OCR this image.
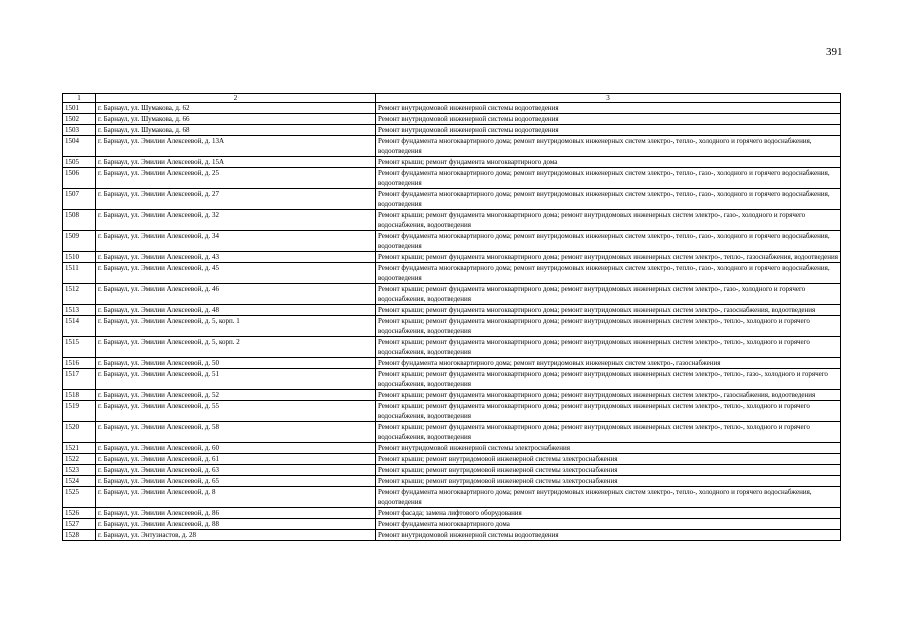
391
1	2	3
1501	г. Барнаул, ул. Шумакова, д. 62	Ремонт внутридомовой инженерной системы водоотведения
1502	г. Барнаул, ул. Шумакова, д. 66	Ремонт внутридомовой инженерной системы водоотведения
1503	г. Барнаул, ул. Шумакова, д. 68	Ремонт внутридомовой инженерной системы водоотведения
1504	г. Барнаул, ул. Эмилии Алексеевой, д. 13А	Ремонт фундамента многоквартирного дома; ремонт внутридомовых инженерных систем электро-, тепло-, холодного и горячего водоснабжения, водоотведения
1505	г. Барнаул, ул. Эмилии Алексеевой, д. 15А	Ремонт крыши; ремонт фундамента многоквартирного дома
1506	г. Барнаул, ул. Эмилии Алексеевой, д. 25	Ремонт фундамента многоквартирного дома; ремонт внутридомовых инженерных систем электро-, тепло-, газо-, холодного и горячего водоснабжения, водоотведения
1507	г. Барнаул, ул. Эмилии Алексеевой, д. 27	Ремонт фундамента многоквартирного дома; ремонт внутридомовых инженерных систем электро-, тепло-, газо-, холодного и горячего водоснабжения, водоотведения
1508	г. Барнаул, ул. Эмилии Алексеевой, д. 32	Ремонт крыши; ремонт фундамента многоквартирного дома; ремонт внутридомовых инженерных систем электро-, газо-, холодного и горячего водоснабжения, водоотведения
1509	г. Барнаул, ул. Эмилии Алексеевой, д. 34	Ремонт фундамента многоквартирного дома; ремонт внутридомовых инженерных систем электро-, тепло-, газо-, холодного и горячего водоснабжения, водоотведения
1510	г. Барнаул, ул. Эмилии Алексеевой, д. 43	Ремонт крыши; ремонт фундамента многоквартирного дома; ремонт внутридомовых инженерных систем электро-, тепло-, газоснабжения, водоотведения
1511	г. Барнаул, ул. Эмилии Алексеевой, д. 45	Ремонт фундамента многоквартирного дома; ремонт внутридомовых инженерных систем электро-, тепло-, газо-, холодного и горячего водоснабжения, водоотведения
1512	г. Барнаул, ул. Эмилии Алексеевой, д. 46	Ремонт крыши; ремонт фундамента многоквартирного дома; ремонт внутридомовых инженерных систем электро-, газо-, холодного и горячего водоснабжения, водоотведения
1513	г. Барнаул, ул. Эмилии Алексеевой, д. 48	Ремонт крыши; ремонт фундамента многоквартирного дома; ремонт внутридомовых инженерных систем электро-, газоснабжения, водоотведения
1514	г. Барнаул, ул. Эмилии Алексеевой, д. 5, корп. 1	Ремонт крыши; ремонт фундамента многоквартирного дома; ремонт внутридомовых инженерных систем электро-, тепло-, холодного и горячего водоснабжения, водоотведения
1515	г. Барнаул, ул. Эмилии Алексеевой, д. 5, корп. 2	Ремонт крыши; ремонт фундамента многоквартирного дома; ремонт внутридомовых инженерных систем электро-, тепло-, холодного и горячего водоснабжения, водоотведения
1516	г. Барнаул, ул. Эмилии Алексеевой, д. 50	Ремонт фундамента многоквартирного дома; ремонт внутридомовых инженерных систем электро-, газоснабжения
1517	г. Барнаул, ул. Эмилии Алексеевой, д. 51	Ремонт крыши; ремонт фундамента многоквартирного дома; ремонт внутридомовых инженерных систем электро-, тепло-, газо-, холодного и горячего водоснабжения, водоотведения
1518	г. Барнаул, ул. Эмилии Алексеевой, д. 52	Ремонт крыши; ремонт фундамента многоквартирного дома; ремонт внутридомовых инженерных систем электро-, газоснабжения, водоотведения
1519	г. Барнаул, ул. Эмилии Алексеевой, д. 55	Ремонт крыши; ремонт фундамента многоквартирного дома; ремонт внутридомовых инженерных систем электро-, тепло-, холодного и горячего водоснабжения, водоотведения
1520	г. Барнаул, ул. Эмилии Алексеевой, д. 58	Ремонт крыши; ремонт фундамента многоквартирного дома; ремонт внутридомовых инженерных систем электро-, тепло-, холодного и горячего водоснабжения, водоотведения
1521	г. Барнаул, ул. Эмилии Алексеевой, д. 60	Ремонт внутридомовой инженерной системы электроснабжения
1522	г. Барнаул, ул. Эмилии Алексеевой, д. 61	Ремонт крыши; ремонт внутридомовой инженерной системы электроснабжения
1523	г. Барнаул, ул. Эмилии Алексеевой, д. 63	Ремонт крыши; ремонт внутридомовой инженерной системы электроснабжения
1524	г. Барнаул, ул. Эмилии Алексеевой, д. 65	Ремонт крыши; ремонт внутридомовой инженерной системы электроснабжения
1525	г. Барнаул, ул. Эмилии Алексеевой, д. 8	Ремонт фундамента многоквартирного дома; ремонт внутридомовых инженерных систем электро-, тепло-, холодного и горячего водоснабжения, водоотведения
1526	г. Барнаул, ул. Эмилии Алексеевой, д. 86	Ремонт фасада; замена лифтового оборудования
1527	г. Барнаул, ул. Эмилии Алексеевой, д. 88	Ремонт фундамента многоквартирного дома
1528	г. Барнаул, ул. Энтузиастов, д. 28	Ремонт внутридомовой инженерной системы водоотведения
